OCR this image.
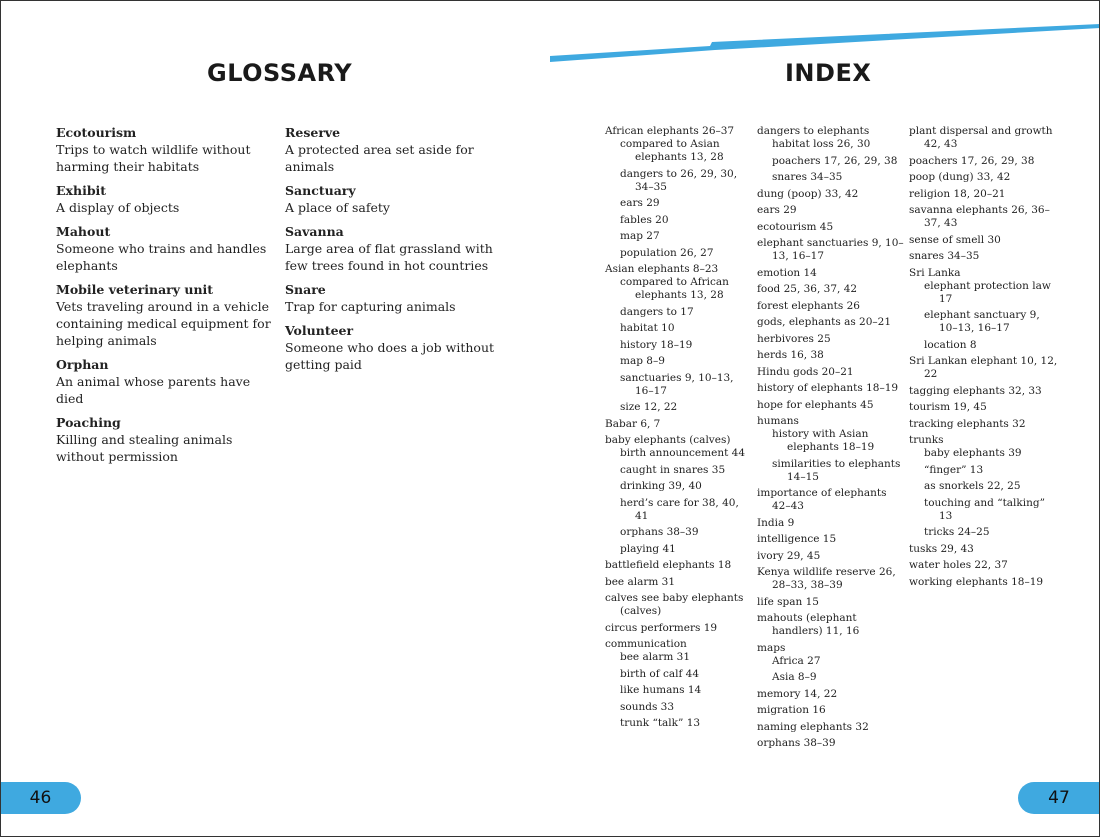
GLOSSARY
Ecotourism
Trips to watch wildlife without harming their habitats
Exhibit
A display of objects
Mahout
Someone who trains and handles elephants
Mobile veterinary unit
Vets traveling around in a vehicle containing medical equipment for helping animals
Orphan
An animal whose parents have died
Poaching
Killing and stealing animals without permission
Reserve
A protected area set aside for animals
Sanctuary
A place of safety
Savanna
Large area of flat grassland with few trees found in hot countries
Snare
Trap for capturing animals
Volunteer
Someone who does a job without getting paid
46
INDEX
African elephants 26–37
compared to Asian elephants 13, 28
dangers to 26, 29, 30, 34–35
ears 29
fables 20
map 27
population 26, 27
Asian elephants 8–23
compared to African elephants 13, 28
dangers to 17
habitat 10
history 18–19
map 8–9
sanctuaries 9, 10–13, 16–17
size 12, 22
Babar 6, 7
baby elephants (calves)
birth announcement 44
caught in snares 35
drinking 39, 40
herd’s care for 38, 40, 41
orphans 38–39
playing 41
battlefield elephants 18
bee alarm 31
calves see baby elephants (calves)
circus performers 19
communication
bee alarm 31
birth of calf 44
like humans 14
sounds 33
trunk “talk” 13
dangers to elephants
habitat loss 26, 30
poachers 17, 26, 29, 38
snares 34–35
dung (poop) 33, 42
ears 29
ecotourism 45
elephant sanctuaries 9, 10–13, 16–17
emotion 14
food 25, 36, 37, 42
forest elephants 26
gods, elephants as 20–21
herbivores 25
herds 16, 38
Hindu gods 20–21
history of elephants 18–19
hope for elephants 45
humans
history with Asian elephants 18–19
similarities to elephants 14–15
importance of elephants 42–43
India 9
intelligence 15
ivory 29, 45
Kenya wildlife reserve 26, 28–33, 38–39
life span 15
mahouts (elephant handlers) 11, 16
maps
Africa 27
Asia 8–9
memory 14, 22
migration 16
naming elephants 32
orphans 38–39
plant dispersal and growth 42, 43
poachers 17, 26, 29, 38
poop (dung) 33, 42
religion 18, 20–21
savanna elephants 26, 36–37, 43
sense of smell 30
snares 34–35
Sri Lanka
elephant protection law 17
elephant sanctuary 9, 10–13, 16–17
location 8
Sri Lankan elephant 10, 12, 22
tagging elephants 32, 33
tourism 19, 45
tracking elephants 32
trunks
baby elephants 39
“finger” 13
as snorkels 22, 25
touching and “talking” 13
tricks 24–25
tusks 29, 43
water holes 22, 37
working elephants 18–19
47
